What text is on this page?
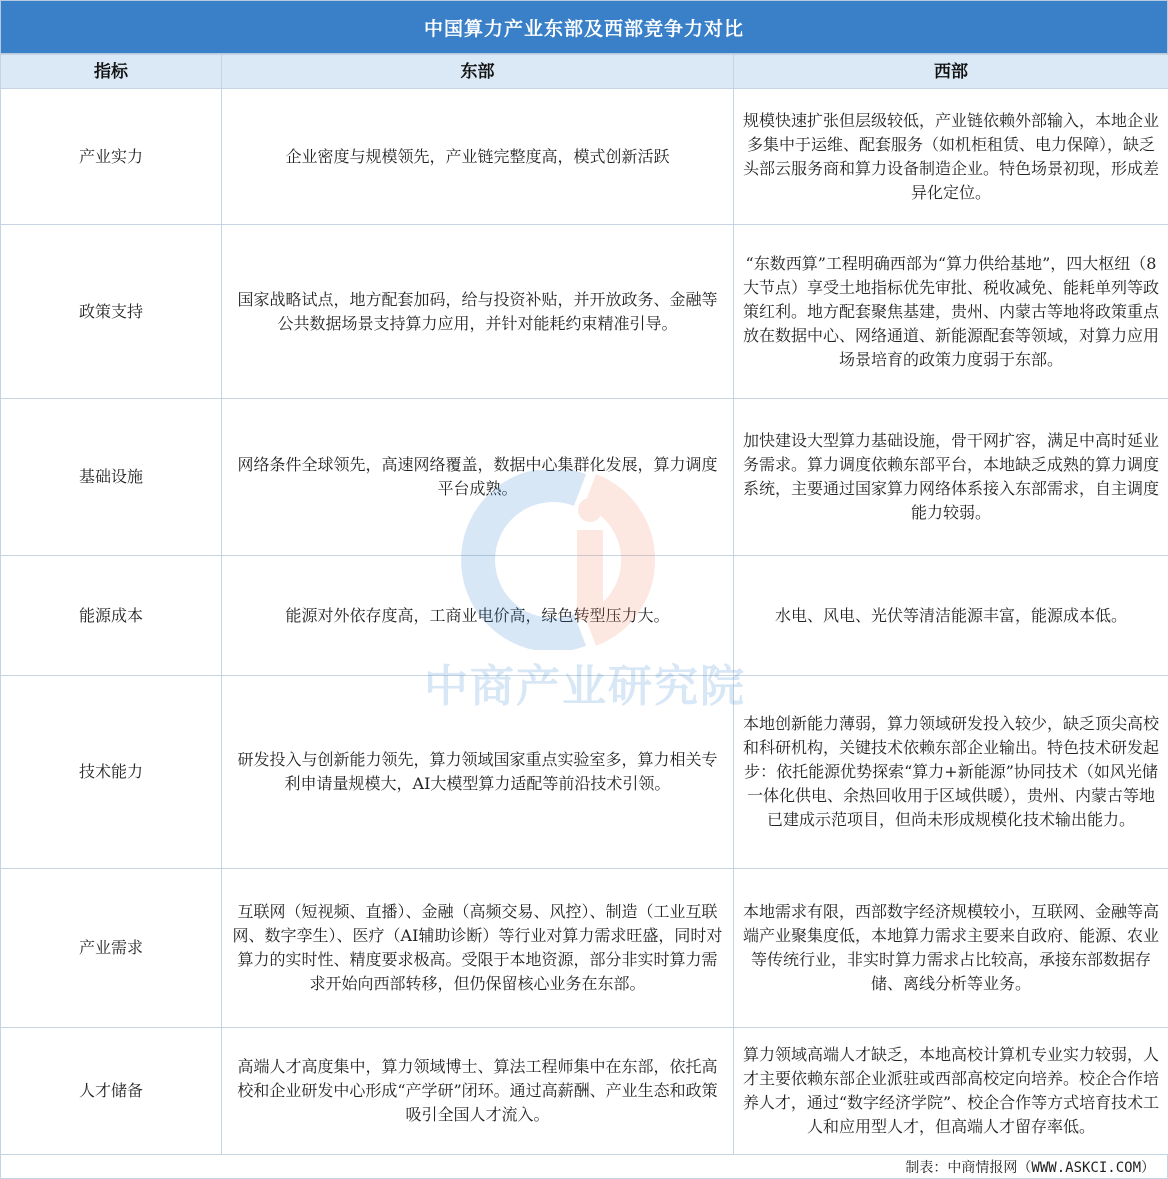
中国算力产业东部及西部竞争力对比
指标	东部	西部
产业实力	企业密度与规模领先，产业链完整度高，模式创新活跃	规模快速扩张但层级较低，产业链依赖外部输入，本地企业多集中于运维、配套服务（如机柜租赁、电力保障），缺乏头部云服务商和算力设备制造企业。特色场景初现，形成差异化定位。
政策支持	国家战略试点，地方配套加码，给与投资补贴，并开放政务、金融等公共数据场景支持算力应用，并针对能耗约束精准引导。	“东数西算”工程明确西部为“算力供给基地”，四大枢纽（8大节点）享受土地指标优先审批、税收减免、能耗单列等政策红利。地方配套聚焦基建，贵州、内蒙古等地将政策重点放在数据中心、网络通道、新能源配套等领域，对算力应用场景培育的政策力度弱于东部。
基础设施	网络条件全球领先，高速网络覆盖，数据中心集群化发展，算力调度平台成熟。	加快建设大型算力基础设施，骨干网扩容，满足中高时延业务需求。算力调度依赖东部平台，本地缺乏成熟的算力调度系统，主要通过国家算力网络体系接入东部需求，自主调度能力较弱。
能源成本	能源对外依存度高，工商业电价高，绿色转型压力大。	水电、风电、光伏等清洁能源丰富，能源成本低。
技术能力	研发投入与创新能力领先，算力领域国家重点实验室多，算力相关专利申请量规模大，AI大模型算力适配等前沿技术引领。	本地创新能力薄弱，算力领域研发投入较少，缺乏顶尖高校和科研机构，关键技术依赖东部企业输出。特色技术研发起步：依托能源优势探索“算力+新能源”协同技术（如风光储一体化供电、余热回收用于区域供暖），贵州、内蒙古等地已建成示范项目，但尚未形成规模化技术输出能力。
产业需求	互联网（短视频、直播）、金融（高频交易、风控）、制造（工业互联网、数字孪生）、医疗（AI辅助诊断）等行业对算力需求旺盛，同时对算力的实时性、精度要求极高。受限于本地资源，部分非实时算力需求开始向西部转移，但仍保留核心业务在东部。	本地需求有限，西部数字经济规模较小，互联网、金融等高端产业聚集度低，本地算力需求主要来自政府、能源、农业等传统行业，非实时算力需求占比较高，承接东部数据存储、离线分析等业务。
人才储备	高端人才高度集中，算力领域博士、算法工程师集中在东部，依托高校和企业研发中心形成“产学研”闭环。通过高薪酬、产业生态和政策吸引全国人才流入。	算力领域高端人才缺乏，本地高校计算机专业实力较弱，人才主要依赖东部企业派驻或西部高校定向培养。校企合作培养人才，通过“数字经济学院”、校企合作等方式培育技术工人和应用型人才，但高端人才留存率低。
制表：中商情报网（WWW.ASKCI.COM）
中商产业研究院
